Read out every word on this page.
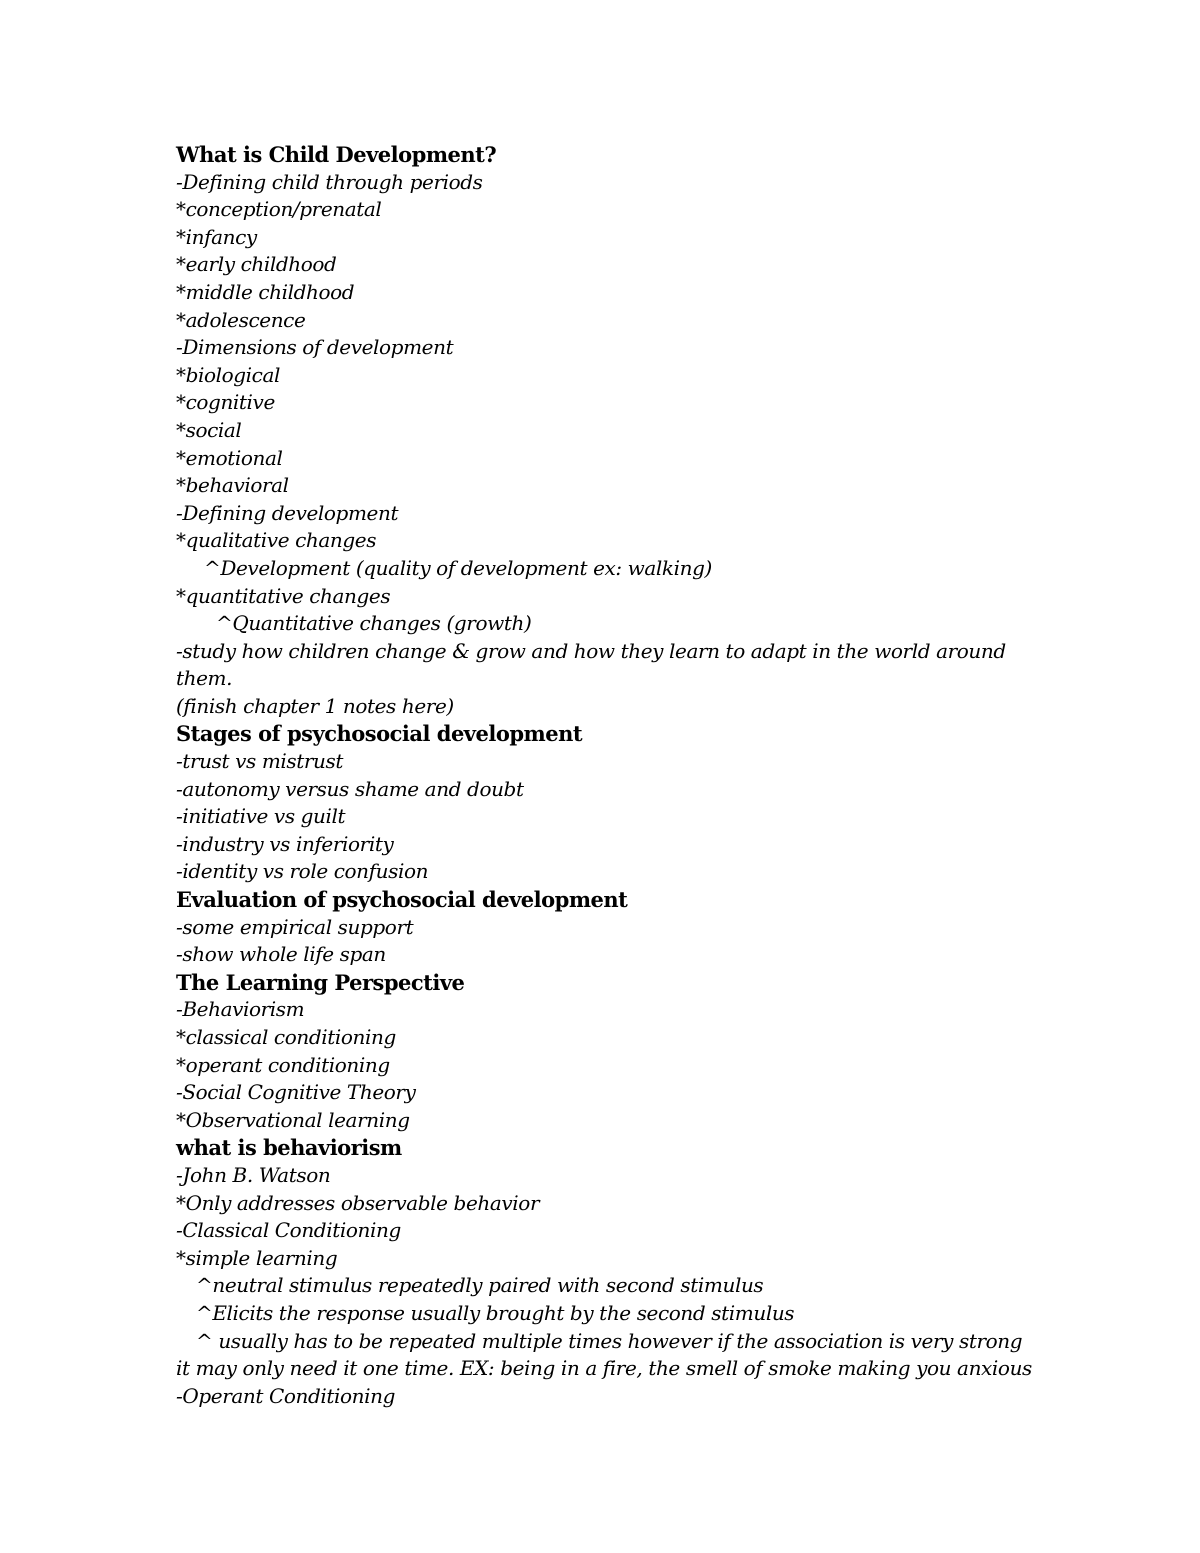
What is Child Development?
-Defining child through periods
*conception/prenatal
*infancy
*early childhood
*middle childhood
*adolescence
-Dimensions of development
*biological
*cognitive
*social
*emotional
*behavioral
-Defining development
*qualitative changes
^Development (quality of development ex: walking)
*quantitative changes
^Quantitative changes (growth)
-study how children change & grow and how they learn to adapt in the world around
them.
(finish chapter 1 notes here)
Stages of psychosocial development
-trust vs mistrust
-autonomy versus shame and doubt
-initiative vs guilt
-industry vs inferiority
-identity vs role confusion
Evaluation of psychosocial development
-some empirical support
-show whole life span
The Learning Perspective
-Behaviorism
*classical conditioning
*operant conditioning
-Social Cognitive Theory
*Observational learning
what is behaviorism
-John B. Watson
*Only addresses observable behavior
-Classical Conditioning
*simple learning
^neutral stimulus repeatedly paired with second stimulus
^Elicits the response usually brought by the second stimulus
^ usually has to be repeated multiple times however if the association is very strong
it may only need it one time. EX: being in a fire, the smell of smoke making you anxious
-Operant Conditioning
